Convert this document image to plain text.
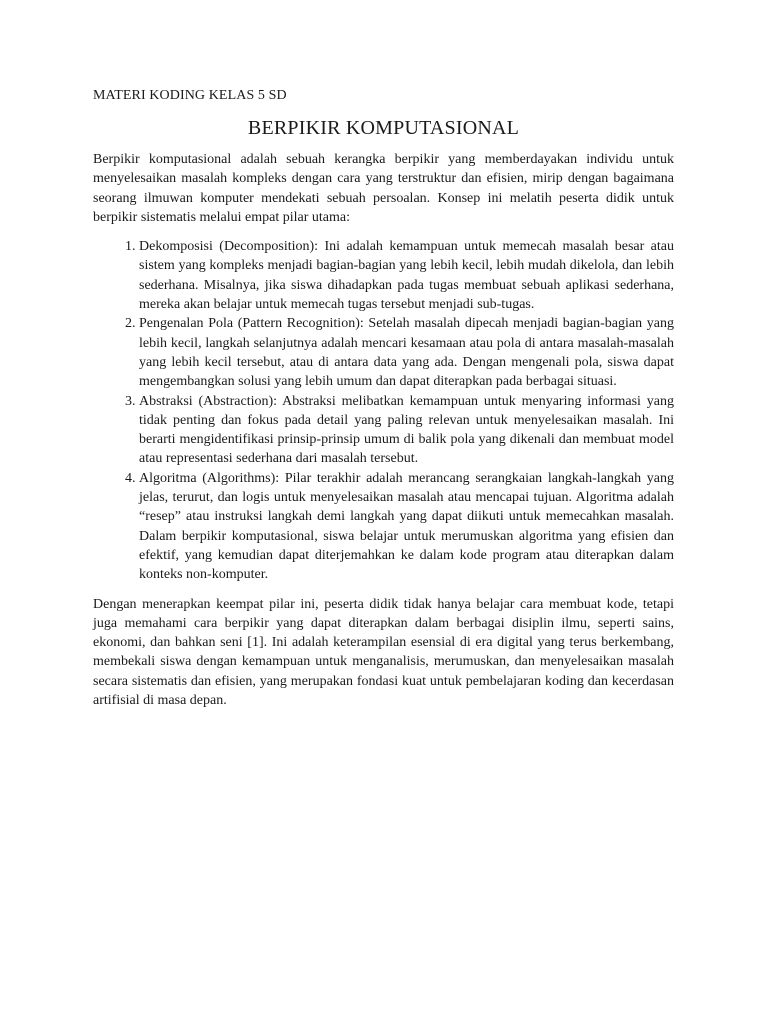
MATERI KODING KELAS 5 SD
BERPIKIR KOMPUTASIONAL

Berpikir komputasional adalah sebuah kerangka berpikir yang memberdayakan individu untuk menyelesaikan masalah kompleks dengan cara yang terstruktur dan efisien, mirip dengan bagaimana seorang ilmuwan komputer mendekati sebuah persoalan. Konsep ini melatih peserta didik untuk berpikir sistematis melalui empat pilar utama:

1. Dekomposisi (Decomposition): Ini adalah kemampuan untuk memecah masalah besar atau sistem yang kompleks menjadi bagian-bagian yang lebih kecil, lebih mudah dikelola, dan lebih sederhana. Misalnya, jika siswa dihadapkan pada tugas membuat sebuah aplikasi sederhana, mereka akan belajar untuk memecah tugas tersebut menjadi sub-tugas.
2. Pengenalan Pola (Pattern Recognition): Setelah masalah dipecah menjadi bagian-bagian yang lebih kecil, langkah selanjutnya adalah mencari kesamaan atau pola di antara masalah-masalah yang lebih kecil tersebut, atau di antara data yang ada. Dengan mengenali pola, siswa dapat mengembangkan solusi yang lebih umum dan dapat diterapkan pada berbagai situasi.
3. Abstraksi (Abstraction): Abstraksi melibatkan kemampuan untuk menyaring informasi yang tidak penting dan fokus pada detail yang paling relevan untuk menyelesaikan masalah. Ini berarti mengidentifikasi prinsip-prinsip umum di balik pola yang dikenali dan membuat model atau representasi sederhana dari masalah tersebut.
4. Algoritma (Algorithms): Pilar terakhir adalah merancang serangkaian langkah-langkah yang jelas, terurut, dan logis untuk menyelesaikan masalah atau mencapai tujuan. Algoritma adalah “resep” atau instruksi langkah demi langkah yang dapat diikuti untuk memecahkan masalah. Dalam berpikir komputasional, siswa belajar untuk merumuskan algoritma yang efisien dan efektif, yang kemudian dapat diterjemahkan ke dalam kode program atau diterapkan dalam konteks non-komputer.

Dengan menerapkan keempat pilar ini, peserta didik tidak hanya belajar cara membuat kode, tetapi juga memahami cara berpikir yang dapat diterapkan dalam berbagai disiplin ilmu, seperti sains, ekonomi, dan bahkan seni [1]. Ini adalah keterampilan esensial di era digital yang terus berkembang, membekali siswa dengan kemampuan untuk menganalisis, merumuskan, dan menyelesaikan masalah secara sistematis dan efisien, yang merupakan fondasi kuat untuk pembelajaran koding dan kecerdasan artifisial di masa depan.
